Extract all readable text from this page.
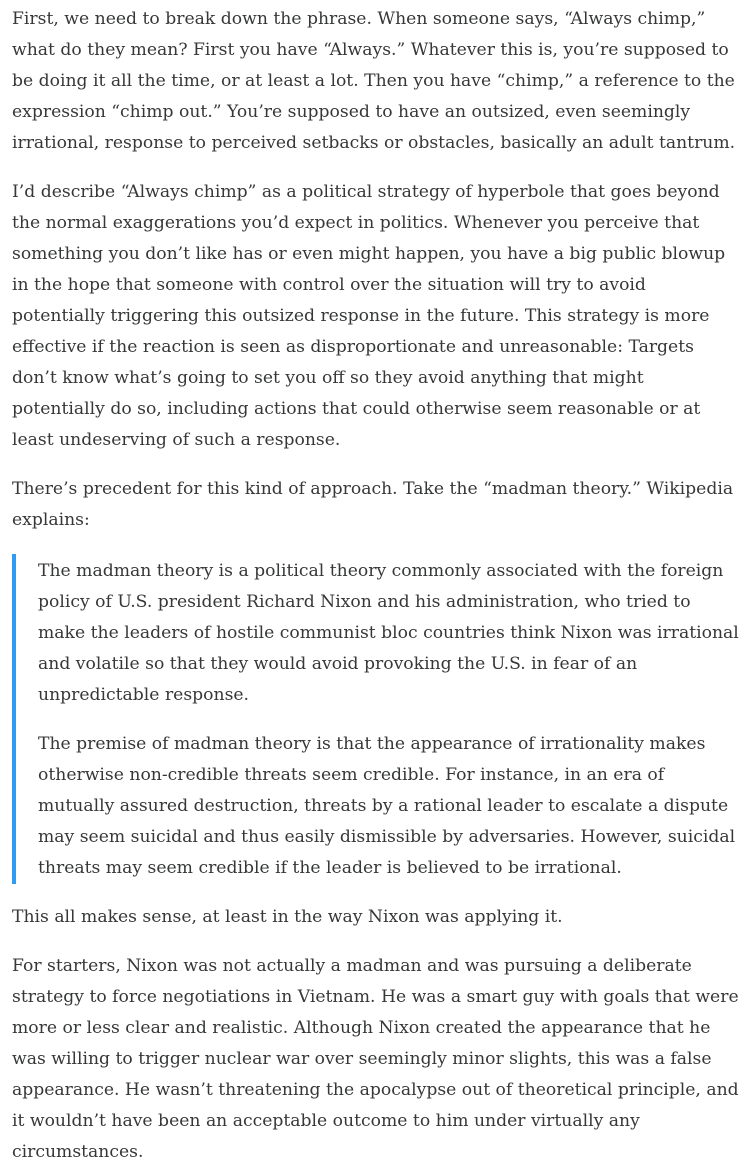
First, we need to break down the phrase. When someone says, “Always chimp,” what do they mean? First you have “Always.” Whatever this is, you’re supposed to be doing it all the time, or at least a lot. Then you have “chimp,” a reference to the expression “chimp out.” You’re supposed to have an outsized, even seemingly irrational, response to perceived setbacks or obstacles, basically an adult tantrum.

I’d describe “Always chimp” as a political strategy of hyperbole that goes beyond the normal exaggerations you’d expect in politics. Whenever you perceive that something you don’t like has or even might happen, you have a big public blowup in the hope that someone with control over the situation will try to avoid potentially triggering this outsized response in the future. This strategy is more effective if the reaction is seen as disproportionate and unreasonable: Targets don’t know what’s going to set you off so they avoid anything that might potentially do so, including actions that could otherwise seem reasonable or at least undeserving of such a response.

There’s precedent for this kind of approach. Take the “madman theory.” Wikipedia explains:

The madman theory is a political theory commonly associated with the foreign policy of U.S. president Richard Nixon and his administration, who tried to make the leaders of hostile communist bloc countries think Nixon was irrational and volatile so that they would avoid provoking the U.S. in fear of an unpredictable response.

The premise of madman theory is that the appearance of irrationality makes otherwise non-credible threats seem credible. For instance, in an era of mutually assured destruction, threats by a rational leader to escalate a dispute may seem suicidal and thus easily dismissible by adversaries. However, suicidal threats may seem credible if the leader is believed to be irrational.

This all makes sense, at least in the way Nixon was applying it.

For starters, Nixon was not actually a madman and was pursuing a deliberate strategy to force negotiations in Vietnam. He was a smart guy with goals that were more or less clear and realistic. Although Nixon created the appearance that he was willing to trigger nuclear war over seemingly minor slights, this was a false appearance. He wasn’t threatening the apocalypse out of theoretical principle, and it wouldn’t have been an acceptable outcome to him under virtually any circumstances.
